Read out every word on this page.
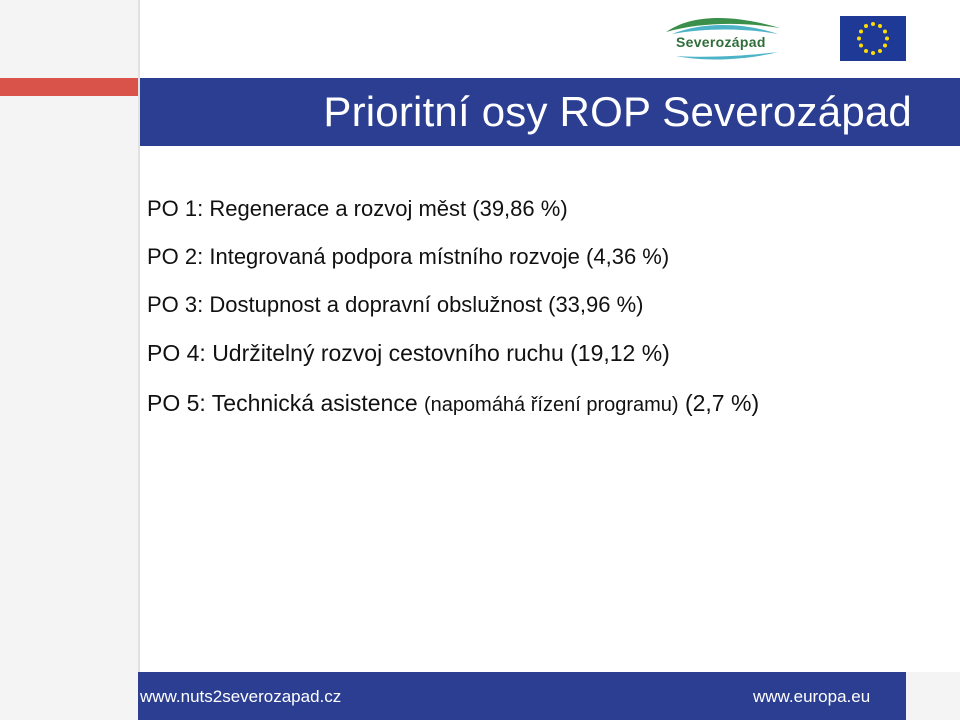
Severozápad
Prioritní osy ROP Severozápad
PO 1: Regenerace a rozvoj měst (39,86 %)
PO 2: Integrovaná podpora místního rozvoje (4,36 %)
PO 3: Dostupnost a dopravní obslužnost (33,96 %)
PO 4: Udržitelný rozvoj cestovního ruchu (19,12 %)
PO 5: Technická asistence (napomáhá řízení programu) (2,7 %)
www.nuts2severozapad.cz	www.europa.eu
